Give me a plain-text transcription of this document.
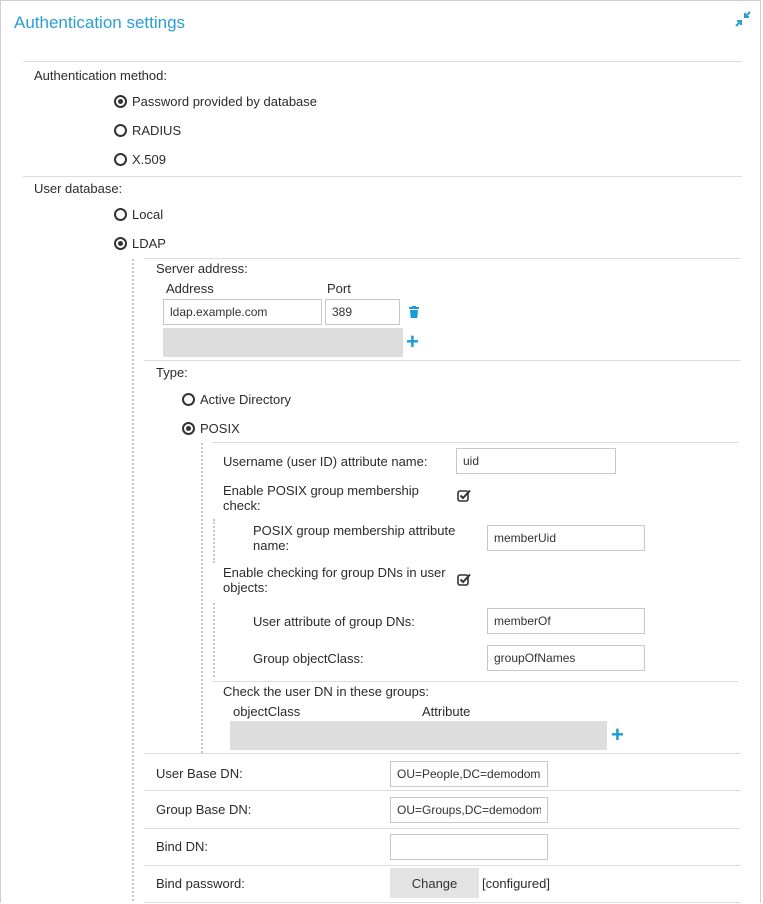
Authentication settings
Authentication method:
Password provided by database
RADIUS
X.509
User database:
Local
LDAP
Server address:
Address	Port
ldap.example.com
389
+
Type:
Active Directory
POSIX
Username (user ID) attribute name:
uid
Enable POSIX group membership
check:
POSIX group membership attribute
name:
memberUid
Enable checking for group DNs in user
objects:
User attribute of group DNs:
memberOf
Group objectClass:
groupOfNames
Check the user DN in these groups:
objectClass	Attribute
+
User Base DN:
OU=People,DC=demodomain,DC=exampleinc
Group Base DN:
OU=Groups,DC=demodomain,DC=exampleinc
Bind DN:
Bind password:	Change	[configured]
